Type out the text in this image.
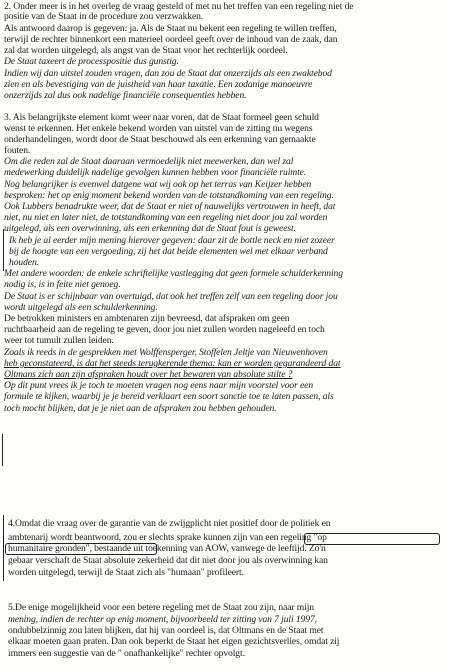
2. Onder meer is in het overleg de vraag gesteld of met nu het treffen van een regeling niet de
positie van de Staat in de procedure zou verzwakken.
Als antwoord daarop is gegeven: ja. Als de Staat nu bekent een regeling te willen treffen,
terwijl de rechter binnenkort een materieel oordeel geeft over de inhoud van de zaak, dan
zal dat worden uitgelegd, als angst van de Staat voor het rechterlijk oordeel.
De Staat taxeert de processpositie dus gunstig.
Indien wij dan uitstel zouden vragen, dan zou de Staat dat onzerzijds als een zwaktebod
zien en als bevestiging van de juistheid van haar taxatie. Een zodanige manoeuvre
onzerzijds zal dus ook nadelige financiële consequenties hebben.
3. Als belangrijkste element komt weer naar voren, dat de Staat formeel geen schuld
wenst te erkennen. Het enkele bekend worden van uitstel van de zitting nu wegens
onderhandelingen, wordt door de Staat beschouwd als een erkenning van gemaakte
fouten.
Om die reden zal de Staat daaraan vermoedelijk niet meewerken, dan wel zal
medewerking duidelijk nadelige gevolgen kunnen hebben voor financiële ruimte.
Nog belangrijker is evenwel datgene wat wij ook op het terras van Keijzer hebben
besproken: het op enig moment bekend worden van de totstandkoming van een regeling.
Ook Lubbers benadrukte weer, dat de Staat er niet of nauwelijks vertrouwen in heeft, dat
niet, nu niet en later niet, de totstandkoming van een regeling niet door jou zal worden
uitgelegd, als een overwinning, als een erkenning dat de Staat fout is geweest.
Ik heb je al eerder mijn mening hierover gegeven: daar zit de bottle neck en niet zozeer
bij de hoogte van een vergoeding, zij het dat beide elementen wel met elkaar verband
houden.
Met andere woorden: de enkele schriftelijke vastlegging dat geen formele schulderkenning
nodig is, is in feite niet genoeg.
De Staat is er schijnbaar van overtuigd, dat ook het treffen zelf van een regeling door jou
wordt uitgelegd als een schulderkenning.
De betrokken ministers en ambtenaren zijn bevreesd, dat afspraken om geen
ruchtbaarheid aan de regeling te geven, door jou niet zullen worden nageleefd en toch
weer tot tumult zullen leiden.
Zoals ik reeds in de gesprekken met Wolffensperger, Stoffelen Jeltje van Nieuwenhoven
heb geconstateerd, is dat het steeds terugkerende thema: kan er worden gegarandeerd dat
Oltmans zich aan zijn afspraken houdt over het bewaren van absolute stilte ?
Op dit punt vrees ik je toch te moeten vragen nog eens naar mijn voorstel voor een
formule te kijken, waarbij je je bereid verklaart een soort sanctie toe te laten passen, als
toch mocht blijken, dat je je niet aan de afspraken zou hebben gehouden.
4.Omdat die vraag over de garantie van de zwijgplicht niet positief door de politiek en
ambtenarij wordt beantwoord, zou er slechts sprake kunnen zijn van een regeling "op
humanitaire gronden", bestaande uit toekenning van AOW, vanwege de leeftijd. Zo'n
gebaar verschaft de Staat absolute zekerheid dat dit niet door jou als overwinning kan
worden uitgelegd, terwijl de Staat zich als "humaan" profileert.
5.De enige mogelijkheid voor een betere regeling met de Staat zou zijn, naar mijn
mening, indien de rechter op enig moment, bijvoorbeeld ter zitting van 7 juli 1997,
ondubbelzinnig zou laten blijken, dat hij van oordeel is, dat Oltmans en de Staat met
elkaar moeten gaan praten. Dan ook beperkt de Staat het eigen gezichtsverlies, omdat zij
immers een suggestie van de " onafhankelijke" rechter opvolgt.
